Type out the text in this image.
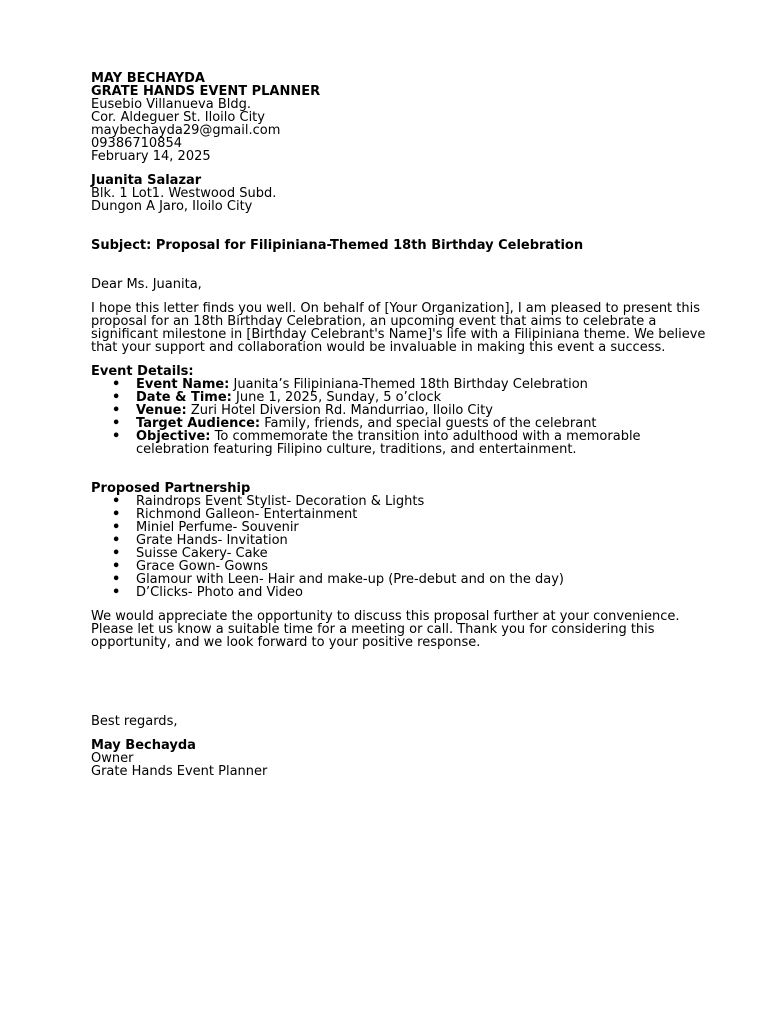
MAY BECHAYDA
GRATE HANDS EVENT PLANNER
Eusebio Villanueva Bldg.
Cor. Aldeguer St. Iloilo City
maybechayda29@gmail.com
09386710854
February 14, 2025
Juanita Salazar
Blk. 1 Lot1. Westwood Subd.
Dungon A Jaro, Iloilo City
Subject: Proposal for Filipiniana-Themed 18th Birthday Celebration
Dear Ms. Juanita,

I hope this letter finds you well. On behalf of [Your Organization], I am pleased to present this proposal for an 18th Birthday Celebration, an upcoming event that aims to celebrate a significant milestone in [Birthday Celebrant's Name]'s life with a Filipiniana theme. We believe that your support and collaboration would be invaluable in making this event a success.

Event Details:
• Event Name: Juanita’s Filipiniana-Themed 18th Birthday Celebration
• Date & Time: June 1, 2025, Sunday, 5 o’clock
• Venue: Zuri Hotel Diversion Rd. Mandurriao, Iloilo City
• Target Audience: Family, friends, and special guests of the celebrant
• Objective: To commemorate the transition into adulthood with a memorable celebration featuring Filipino culture, traditions, and entertainment.
Proposed Partnership
• Raindrops Event Stylist- Decoration & Lights
• Richmond Galleon- Entertainment
• Miniel Perfume- Souvenir
• Grate Hands- Invitation
• Suisse Cakery- Cake
• Grace Gown- Gowns
• Glamour with Leen- Hair and make-up (Pre-debut and on the day)
• D’Clicks- Photo and Video

We would appreciate the opportunity to discuss this proposal further at your convenience. Please let us know a suitable time for a meeting or call. Thank you for considering this opportunity, and we look forward to your positive response.

Best regards,
May Bechayda
Owner
Grate Hands Event Planner
